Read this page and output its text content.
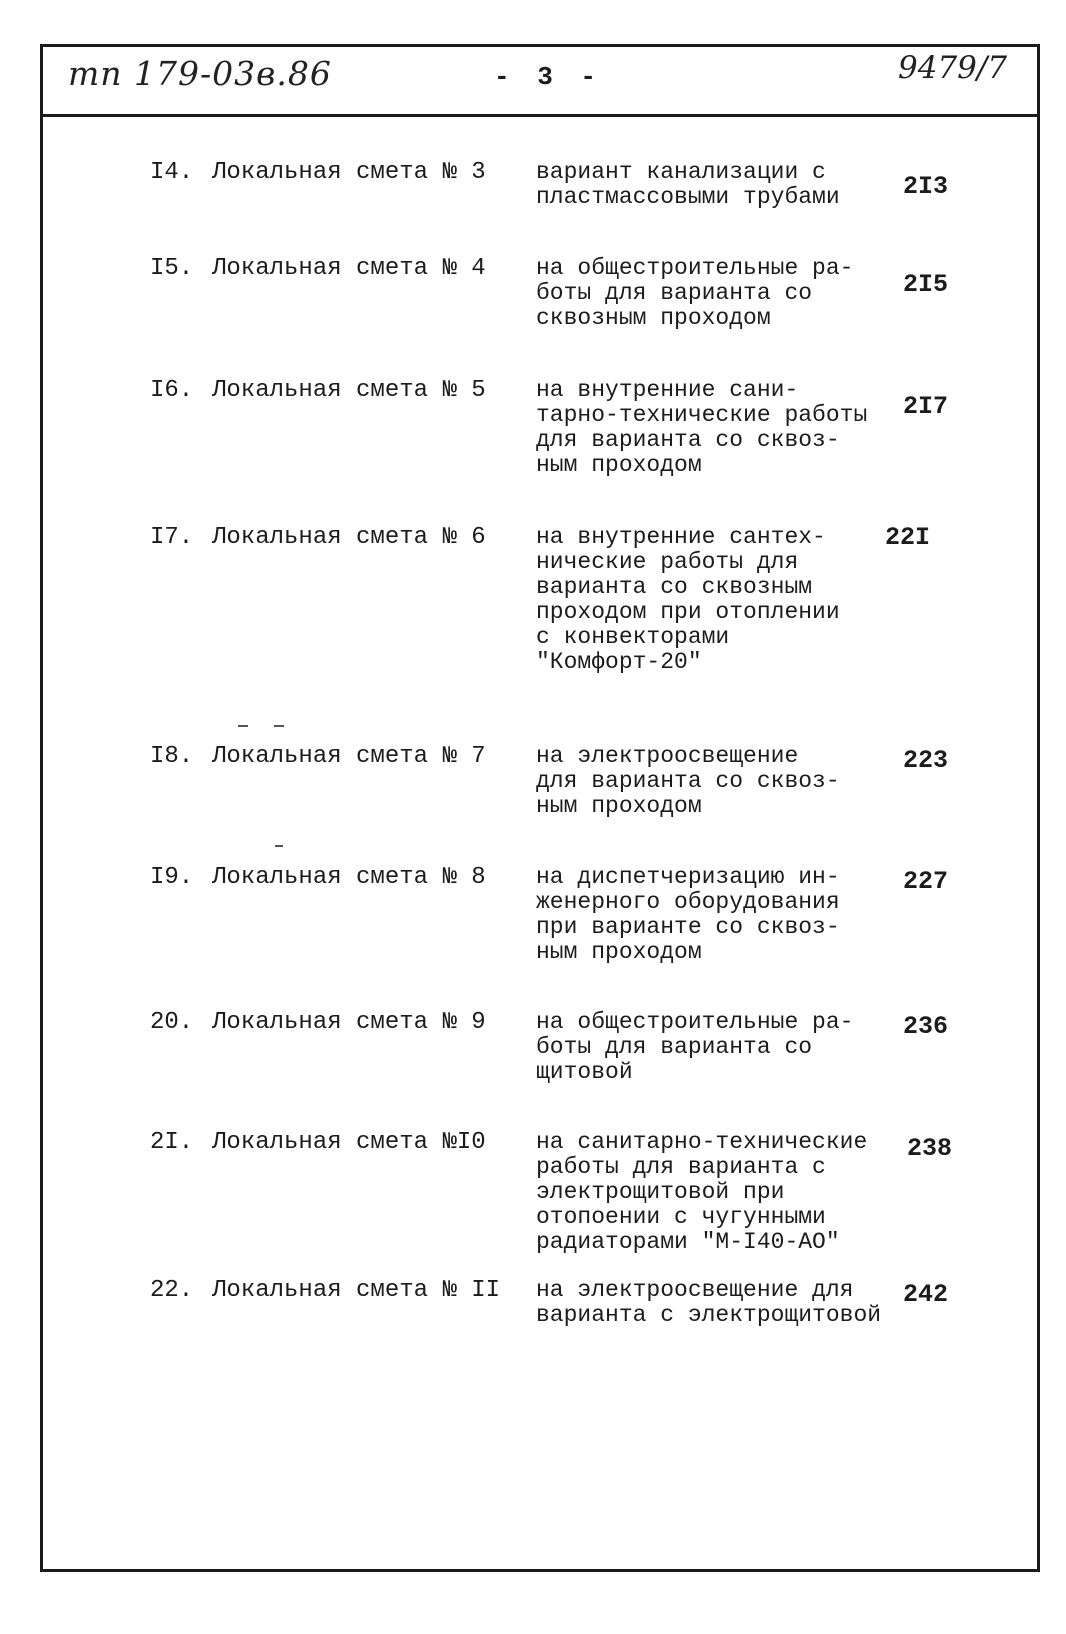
тп 179-03в.86	- 3 -	9479/7
I4. Локальная смета № 3	вариант канализации с
пластмассовыми трубами	2I3
I5. Локальная смета № 4	на общестроительные ра-
боты для варианта со
сквозным проходом
2I5
I6. Локальная смета № 5	на внутренние сани-
тарно-технические работы
для варианта со сквоз-
ным проходом
2I7
I7. Локальная смета № 6	на внутренние сантех-
нические работы для
варианта со сквозным
проходом при отоплении
с конвекторами
"Комфорт-20"
22I
I8. Локальная смета № 7	на электроосвещение
для варианта со сквоз-
ным проходом
223
I9. Локальная смета № 8	на диспетчеризацию ин-
женерного оборудования
при варианте со сквоз-
ным проходом
227
20. Локальная смета № 9	на общестроительные ра-
боты для варианта со
щитовой
236
2I. Локальная смета №I0	на санитарно-технические
работы для варианта с
электрощитовой при
отопоении с чугунными
радиаторами "М-I40-АО"
238
22. Локальная смета № II	на электроосвещение для
варианта с электрощитовой
242
